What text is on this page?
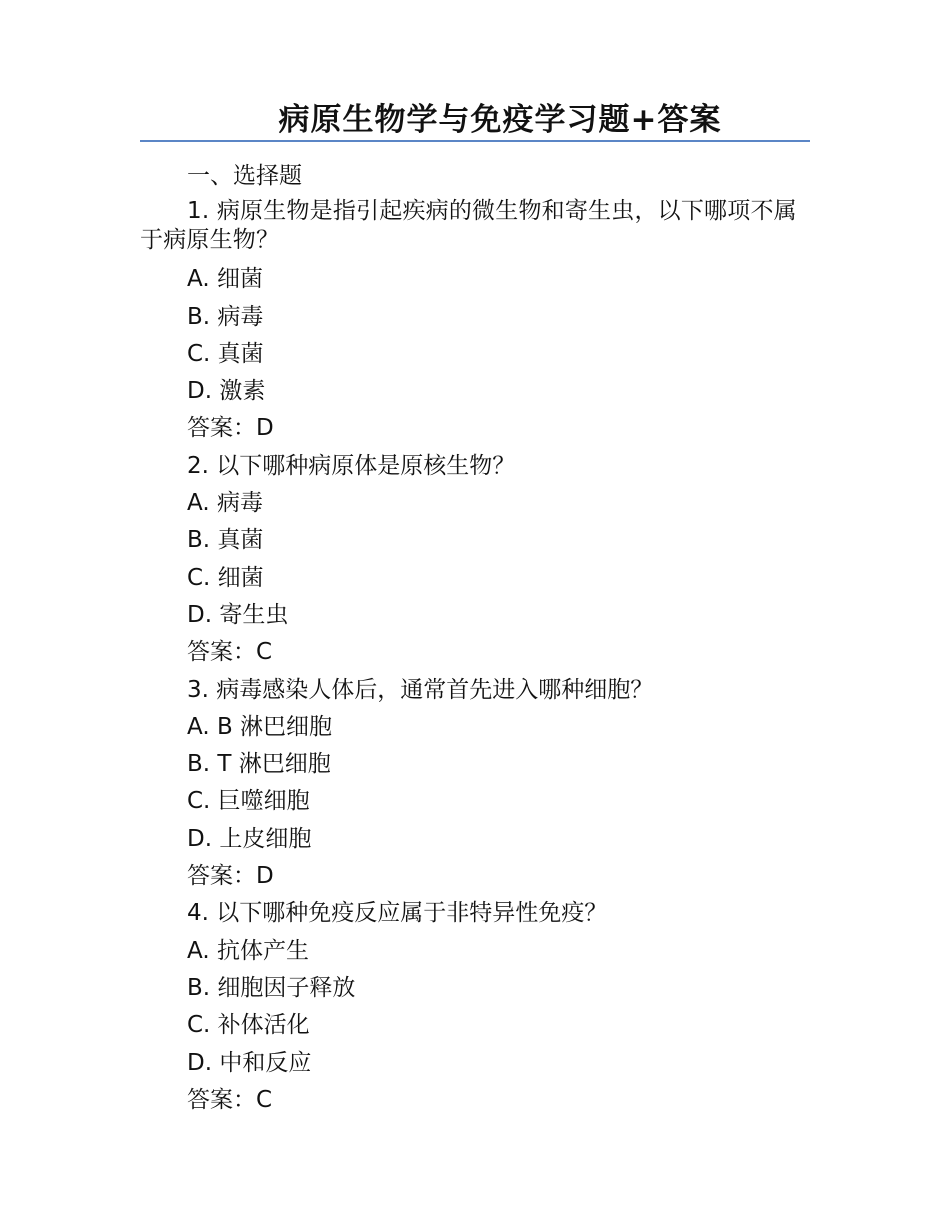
病原生物学与免疫学习题+答案
一、选择题
1. 病原生物是指引起疾病的微生物和寄生虫，以下哪项不属于病原生物？
A. 细菌
B. 病毒
C. 真菌
D. 激素
答案：D
2. 以下哪种病原体是原核生物？
A. 病毒
B. 真菌
C. 细菌
D. 寄生虫
答案：C
3. 病毒感染人体后，通常首先进入哪种细胞？
A. B 淋巴细胞
B. T 淋巴细胞
C. 巨噬细胞
D. 上皮细胞
答案：D
4. 以下哪种免疫反应属于非特异性免疫？
A. 抗体产生
B. 细胞因子释放
C. 补体活化
D. 中和反应
答案：C
